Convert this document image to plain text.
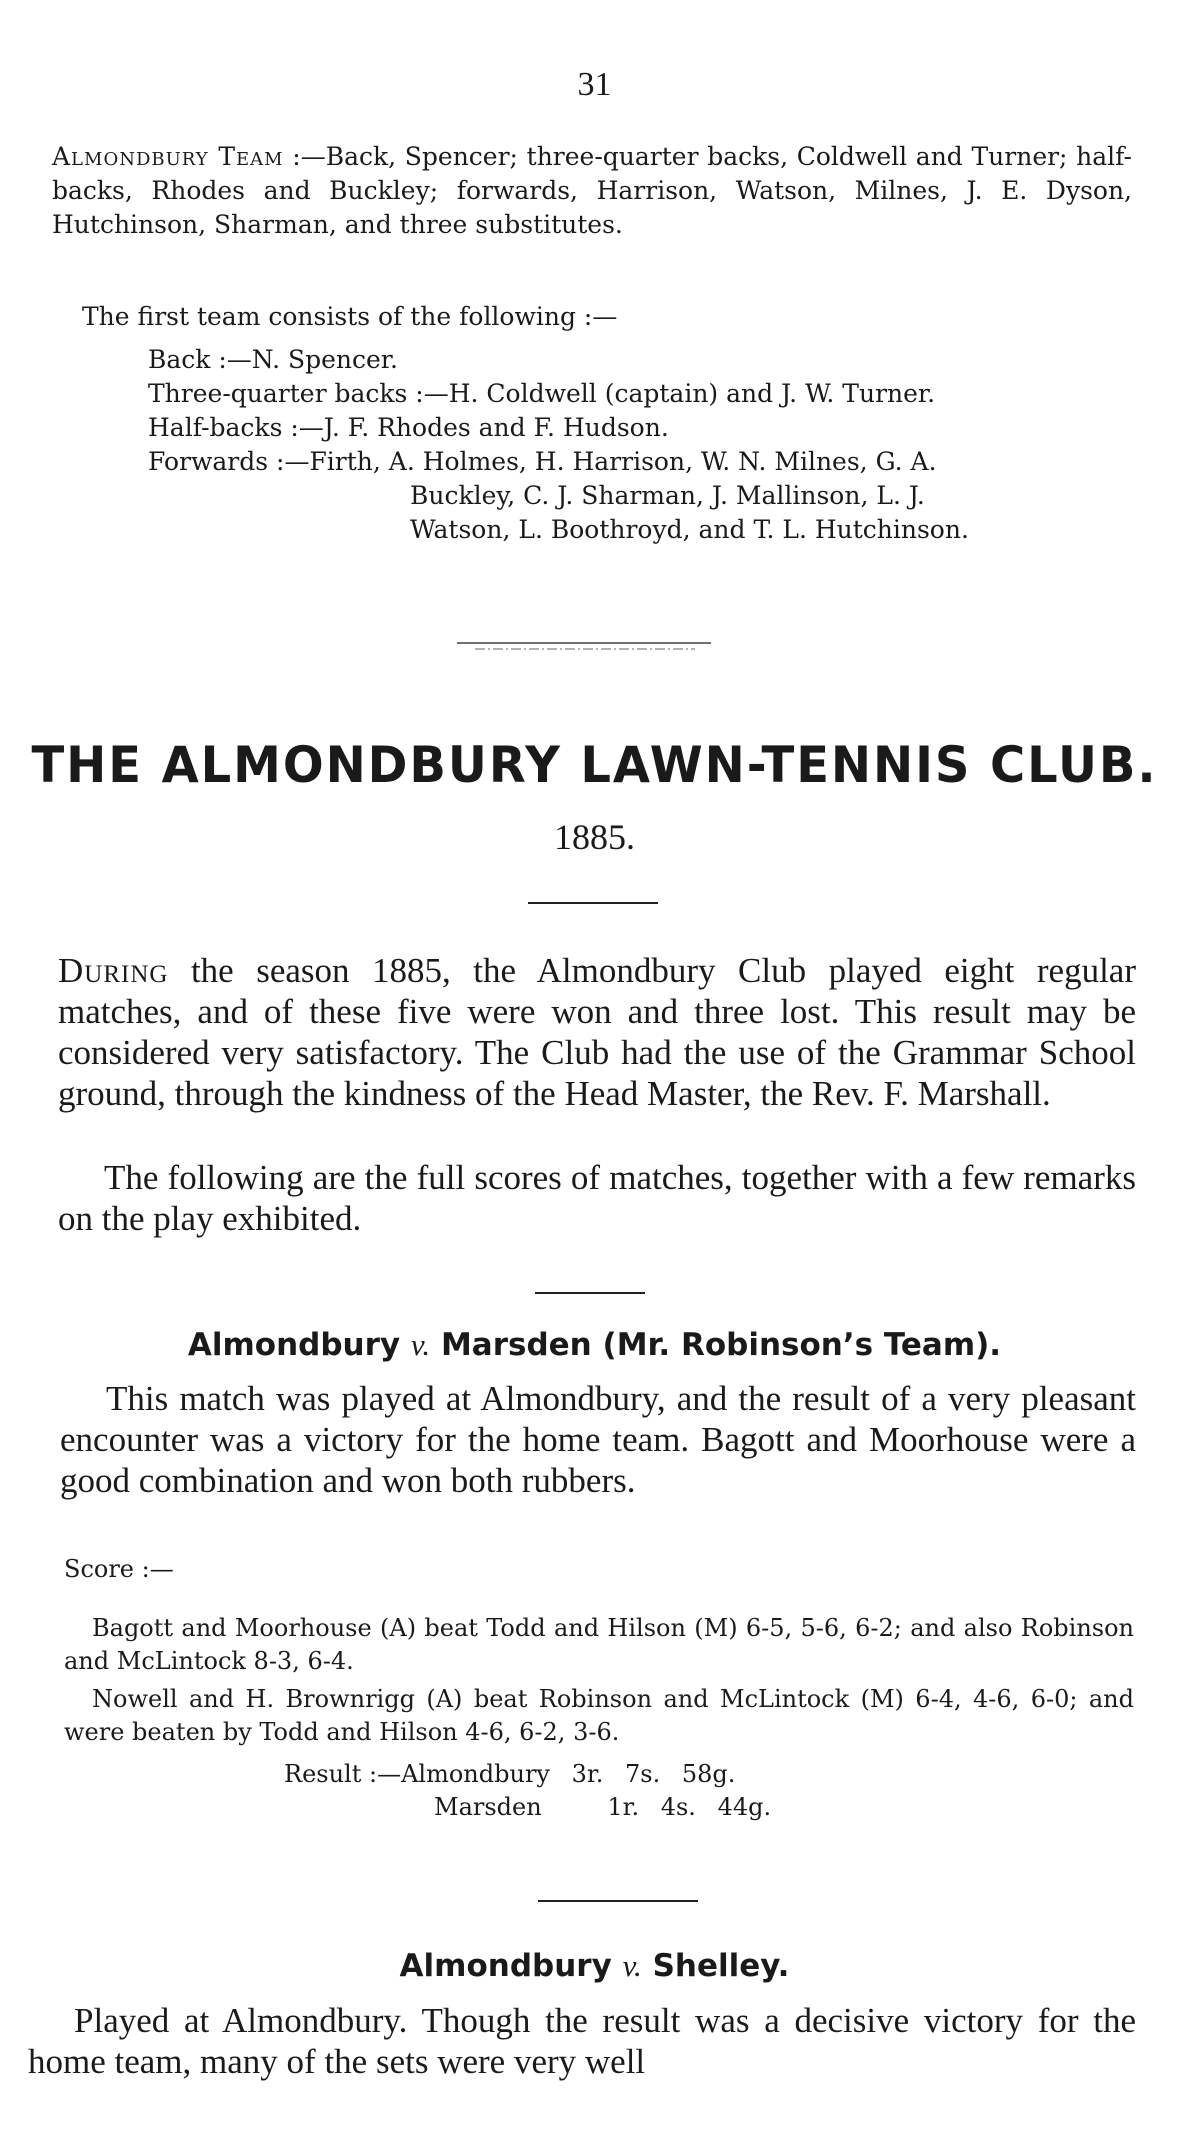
31
Almondbury Team :—Back, Spencer; three-quarter backs, Coldwell and Turner; half-backs, Rhodes and Buckley; forwards, Harrison, Watson, Milnes, J. E. Dyson, Hutchinson, Sharman, and three substitutes.
The first team consists of the following :—
Back :—N. Spencer.
Three-quarter backs :—H. Coldwell (captain) and J. W. Turner.
Half-backs :—J. F. Rhodes and F. Hudson.
Forwards :—Firth, A. Holmes, H. Harrison, W. N. Milnes, G. A.
Buckley, C. J. Sharman, J. Mallinson, L. J.
Watson, L. Boothroyd, and T. L. Hutchinson.
THE ALMONDBURY LAWN-TENNIS CLUB.
1885.
During the season 1885, the Almondbury Club played eight regular matches, and of these five were won and three lost. This result may be considered very satisfactory. The Club had the use of the Grammar School ground, through the kindness of the Head Master, the Rev. F. Marshall.
The following are the full scores of matches, together with a few remarks on the play exhibited.
Almondbury v. Marsden (Mr. Robinson’s Team).
This match was played at Almondbury, and the result of a very pleasant encounter was a victory for the home team. Bagott and Moorhouse were a good combination and won both rubbers.
Score :—
Bagott and Moorhouse (A) beat Todd and Hilson (M) 6-5, 5-6, 6-2; and also Robinson and McLintock 8-3, 6-4.
Nowell and H. Brownrigg (A) beat Robinson and McLintock (M) 6-4, 4-6, 6-0; and were beaten by Todd and Hilson 4-6, 6-2, 3-6.
Result :—Almondbury 3r. 7s. 58g.
Marsden	1r. 4s. 44g.
Almondbury v. Shelley.
Played at Almondbury. Though the result was a decisive victory for the home team, many of the sets were very well
